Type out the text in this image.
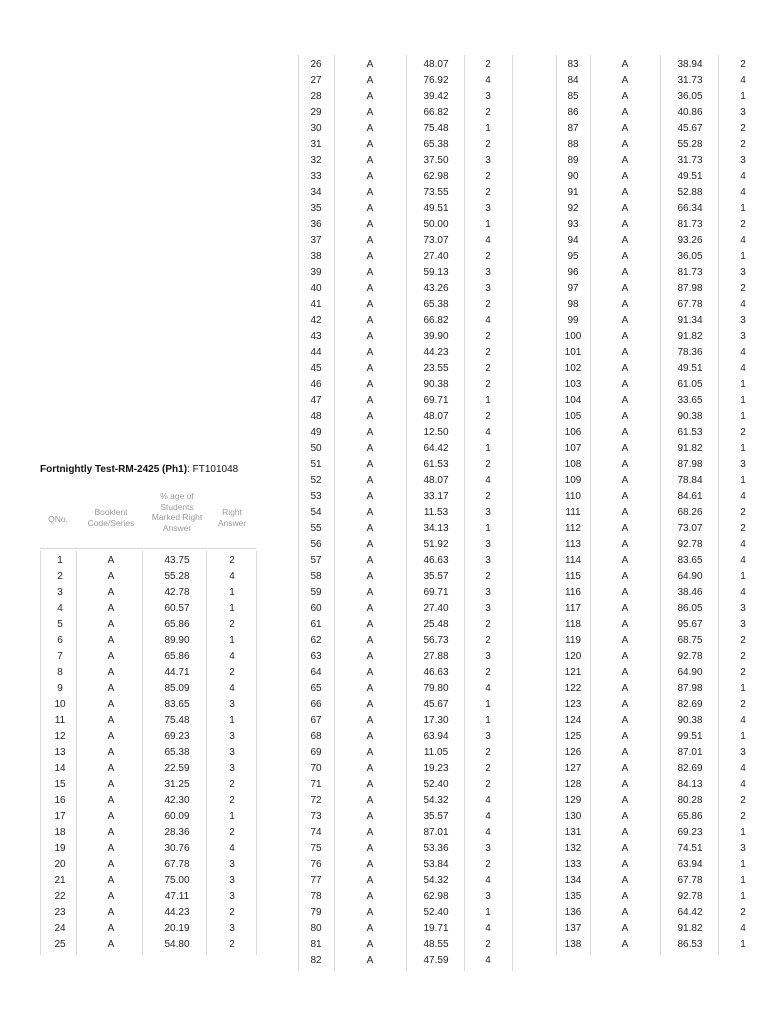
Fortnightly Test-RM-2425 (Ph1): FT101048
QNo.
Booklent Code/Series
% age of Students Marked Right Answer
Right Answer
1	A	43.75	2
2	A	55.28	4
3	A	42.78	1
4	A	60.57	1
5	A	65.86	2
6	A	89.90	1
7	A	65.86	4
8	A	44.71	2
9	A	85.09	4
10	A	83.65	3
11	A	75.48	1
12	A	69.23	3
13	A	65.38	3
14	A	22.59	3
15	A	31.25	2
16	A	42.30	2
17	A	60.09	1
18	A	28.36	2
19	A	30.76	4
20	A	67.78	3
21	A	75.00	3
22	A	47.11	3
23	A	44.23	2
24	A	20.19	3
25	A	54.80	2
26	A	48.07	2
27	A	76.92	4
28	A	39.42	3
29	A	66.82	2
30	A	75.48	1
31	A	65.38	2
32	A	37.50	3
33	A	62.98	2
34	A	73.55	2
35	A	49.51	3
36	A	50.00	1
37	A	73.07	4
38	A	27.40	2
39	A	59.13	3
40	A	43.26	3
41	A	65.38	2
42	A	66.82	4
43	A	39.90	2
44	A	44.23	2
45	A	23.55	2
46	A	90.38	2
47	A	69.71	1
48	A	48.07	2
49	A	12.50	4
50	A	64.42	1
51	A	61.53	2
52	A	48.07	4
53	A	33.17	2
54	A	11.53	3
55	A	34.13	1
56	A	51.92	3
57	A	46.63	3
58	A	35.57	2
59	A	69.71	3
60	A	27.40	3
61	A	25.48	2
62	A	56.73	2
63	A	27.88	3
64	A	46.63	2
65	A	79.80	4
66	A	45.67	1
67	A	17.30	1
68	A	63.94	3
69	A	11.05	2
70	A	19.23	2
71	A	52.40	2
72	A	54.32	4
73	A	35.57	4
74	A	87.01	4
75	A	53.36	3
76	A	53.84	2
77	A	54.32	4
78	A	62.98	3
79	A	52.40	1
80	A	19.71	4
81	A	48.55	2
82	A	47.59	4
83	A	38.94	2
84	A	31.73	4
85	A	36.05	1
86	A	40.86	3
87	A	45.67	2
88	A	55.28	2
89	A	31.73	3
90	A	49.51	4
91	A	52.88	4
92	A	66.34	1
93	A	81.73	2
94	A	93.26	4
95	A	36.05	1
96	A	81.73	3
97	A	87.98	2
98	A	67.78	4
99	A	91.34	3
100	A	91.82	3
101	A	78.36	4
102	A	49.51	4
103	A	61.05	1
104	A	33.65	1
105	A	90.38	1
106	A	61.53	2
107	A	91.82	1
108	A	87.98	3
109	A	78.84	1
110	A	84.61	4
111	A	68.26	2
112	A	73.07	2
113	A	92.78	4
114	A	83.65	4
115	A	64.90	1
116	A	38.46	4
117	A	86.05	3
118	A	95.67	3
119	A	68.75	2
120	A	92.78	2
121	A	64.90	2
122	A	87.98	1
123	A	82.69	2
124	A	90.38	4
125	A	99.51	1
126	A	87.01	3
127	A	82.69	4
128	A	84.13	4
129	A	80.28	2
130	A	65.86	2
131	A	69.23	1
132	A	74.51	3
133	A	63.94	1
134	A	67.78	1
135	A	92.78	1
136	A	64.42	2
137	A	91.82	4
138	A	86.53	1
